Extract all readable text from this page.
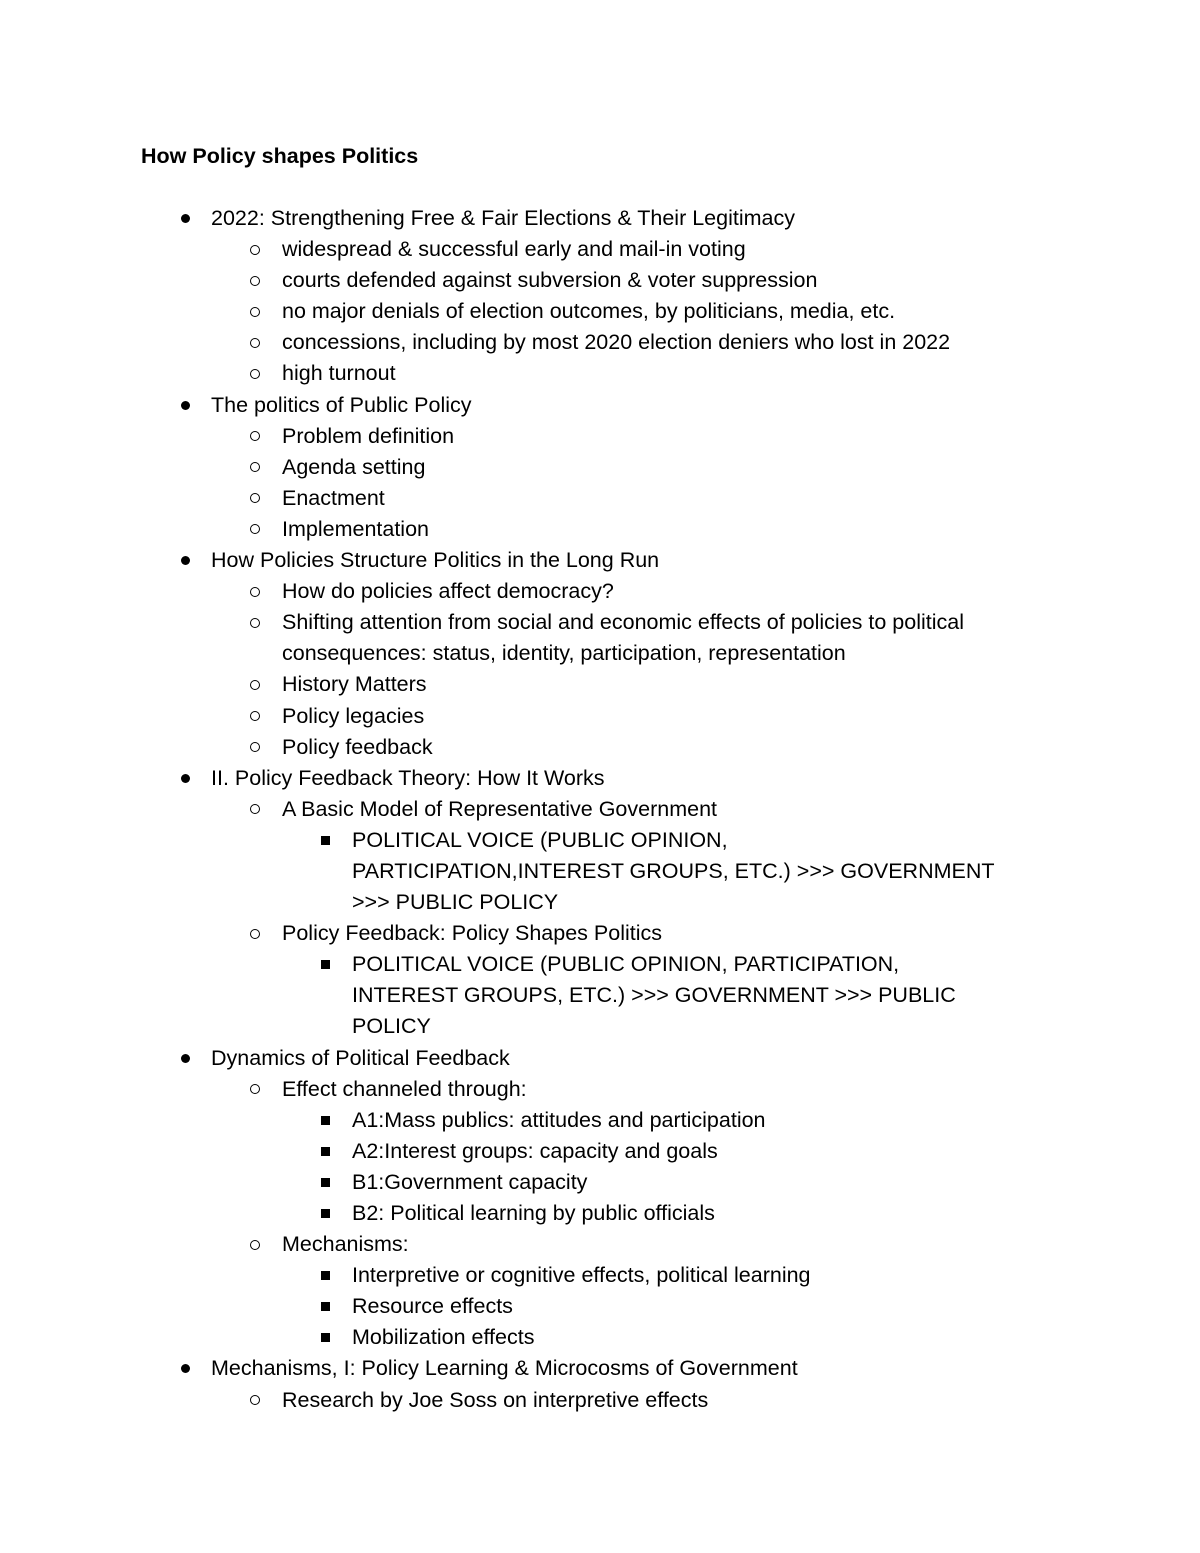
How Policy shapes Politics
2022: Strengthening Free & Fair Elections & Their Legitimacy
widespread & successful early and mail-in voting
courts defended against subversion & voter suppression
no major denials of election outcomes, by politicians, media, etc.
concessions, including by most 2020 election deniers who lost in 2022
high turnout
The politics of Public Policy
Problem definition
Agenda setting
Enactment
Implementation
How Policies Structure Politics in the Long Run
How do policies affect democracy?
Shifting attention from social and economic effects of policies to political
consequences: status, identity, participation, representation
History Matters
Policy legacies
Policy feedback
II. Policy Feedback Theory: How It Works
A Basic Model of Representative Government
POLITICAL VOICE (PUBLIC OPINION,
PARTICIPATION,INTEREST GROUPS, ETC.) >>> GOVERNMENT
>>> PUBLIC POLICY
Policy Feedback: Policy Shapes Politics
POLITICAL VOICE (PUBLIC OPINION, PARTICIPATION,
INTEREST GROUPS, ETC.) >>> GOVERNMENT >>> PUBLIC
POLICY
Dynamics of Political Feedback
Effect channeled through:
A1:Mass publics: attitudes and participation
A2:Interest groups: capacity and goals
B1:Government capacity
B2: Political learning by public officials
Mechanisms:
Interpretive or cognitive effects, political learning
Resource effects
Mobilization effects
Mechanisms, I: Policy Learning & Microcosms of Government
Research by Joe Soss on interpretive effects
